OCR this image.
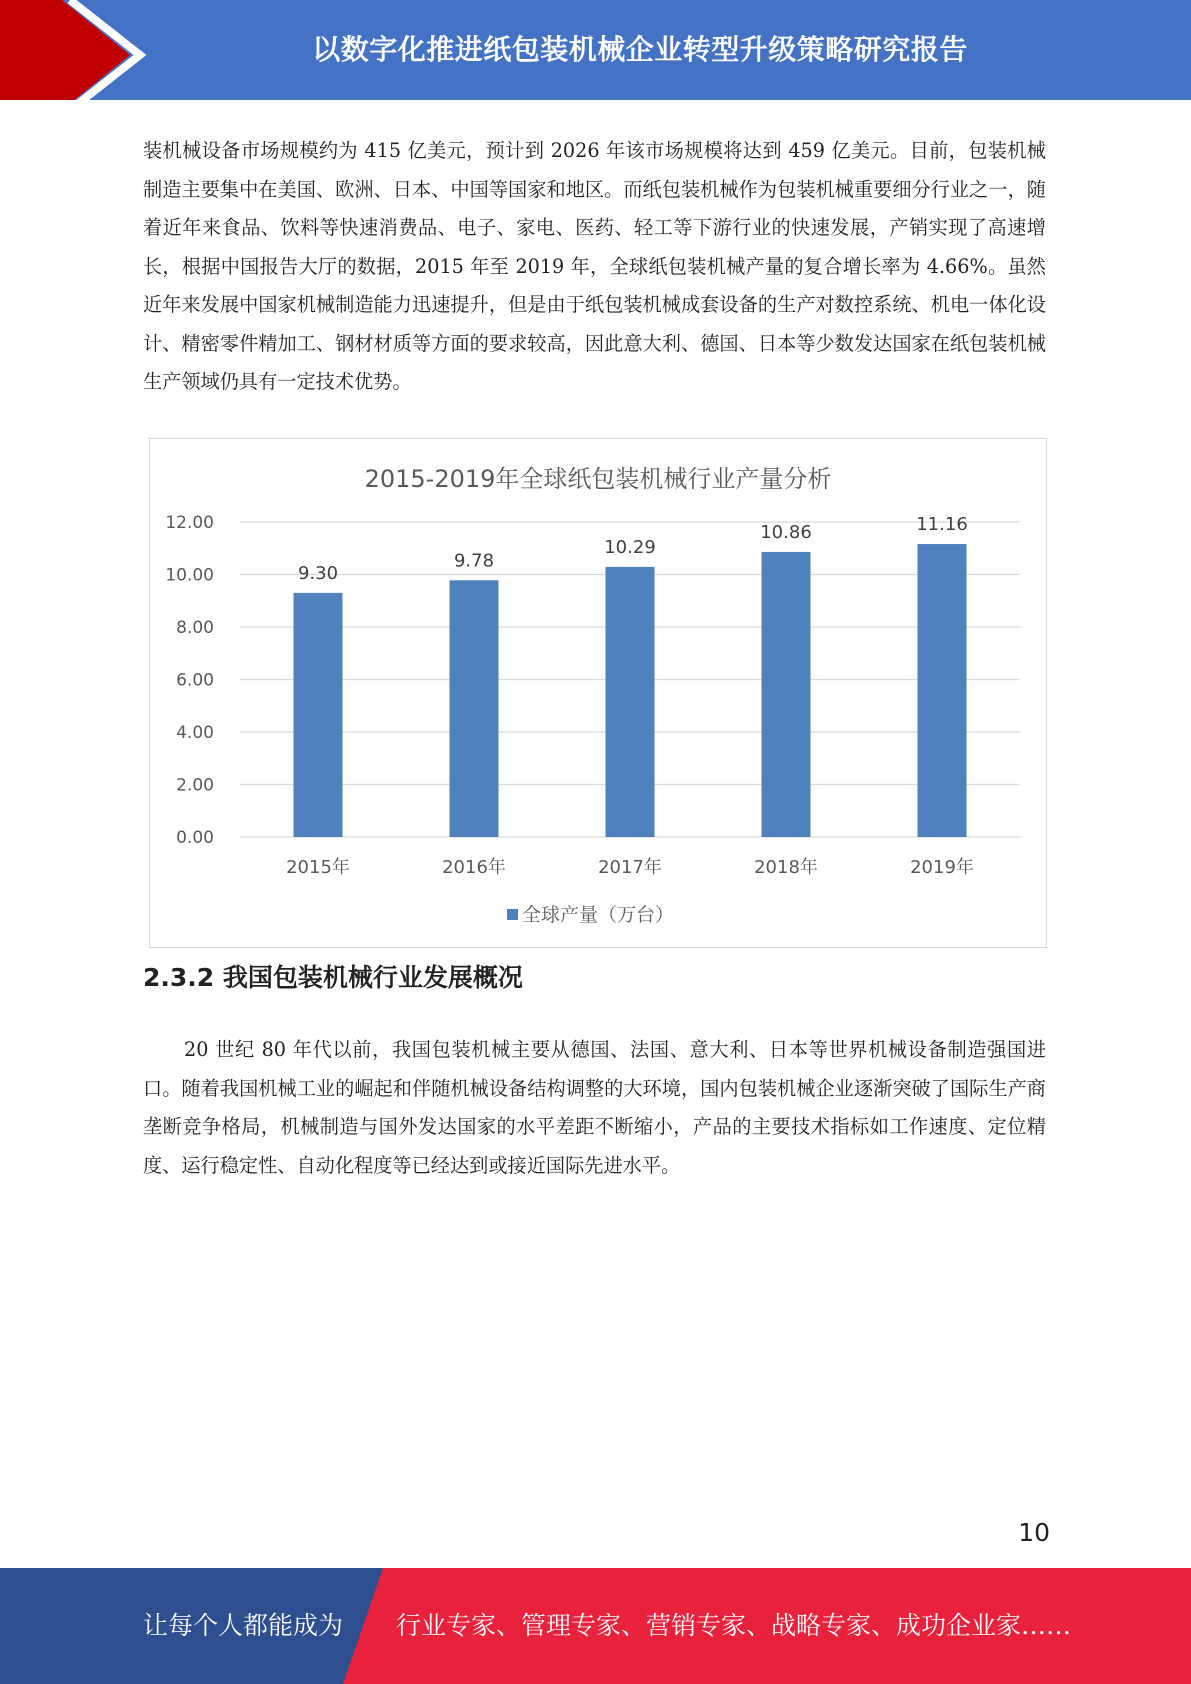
以数字化推进纸包装机械企业转型升级策略研究报告

装机械设备市场规模约为 415 亿美元，预计到 2026 年该市场规模将达到 459 亿美元。目前，包装机械制造主要集中在美国、欧洲、日本、中国等国家和地区。而纸包装机械作为包装机械重要细分行业之一，随着近年来食品、饮料等快速消费品、电子、家电、医药、轻工等下游行业的快速发展，产销实现了高速增长，根据中国报告大厅的数据，2015 年至 2019 年，全球纸包装机械产量的复合增长率为 4.66%。虽然近年来发展中国家机械制造能力迅速提升，但是由于纸包装机械成套设备的生产对数控系统、机电一体化设计、精密零件精加工、钢材材质等方面的要求较高，因此意大利、德国、日本等少数发达国家在纸包装机械生产领域仍具有一定技术优势。

2015-2019年全球纸包装机械行业产量分析
0.00
2.00
4.00
6.00
8.00
10.00
12.00
9.30
2015年
9.78
2016年
10.29
2017年
10.86
2018年
11.16
2019年
全球产量（万台）
2.3.2 我国包装机械行业发展概况

20 世纪 80 年代以前，我国包装机械主要从德国、法国、意大利、日本等世界机械设备制造强国进口。随着我国机械工业的崛起和伴随机械设备结构调整的大环境，国内包装机械企业逐渐突破了国际生产商垄断竞争格局，机械制造与国外发达国家的水平差距不断缩小，产品的主要技术指标如工作速度、定位精度、运行稳定性、自动化程度等已经达到或接近国际先进水平。

10
让每个人都能成为 行业专家、管理专家、营销专家、战略专家、成功企业家……
